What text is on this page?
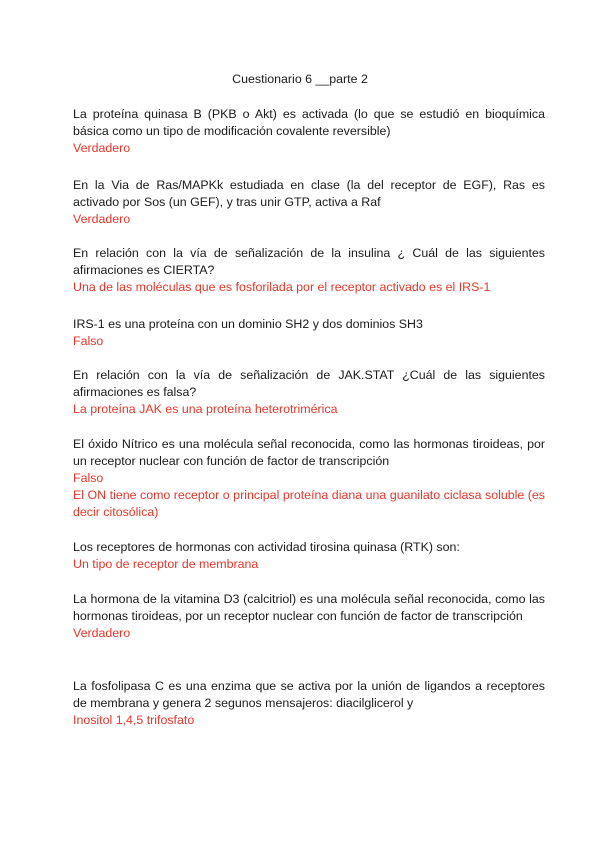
Cuestionario 6 __parte 2
La proteína quinasa B (PKB o Akt) es activada (lo que se estudió en bioquímica básica como un tipo de modificación covalente reversible)
Verdadero
En la Via de Ras/MAPKk estudiada en clase (la del receptor de EGF), Ras es activado por Sos (un GEF), y tras unir GTP, activa a Raf
Verdadero
En relación con la vía de señalización de la insulina ¿ Cuál de las siguientes afirmaciones es CIERTA?
Una de las moléculas que es fosforilada por el receptor activado es el IRS-1
IRS-1 es una proteína con un dominio SH2 y dos dominios SH3
Falso
En relación con la vía de señalización de JAK.STAT ¿Cuál de las siguientes afirmaciones es falsa?
La proteína JAK es una proteína heterotrimérica
El óxido Nítrico es una molécula señal reconocida, como las hormonas tiroideas, por un receptor nuclear con función de factor de transcripción
Falso
El ON tiene como receptor o principal proteína diana una guanilato ciclasa soluble (es decir citosólica)
Los receptores de hormonas con actividad tirosina quinasa (RTK) son:
Un tipo de receptor de membrana
La hormona de la vitamina D3 (calcitriol) es una molécula señal reconocida, como las hormonas tiroideas, por un receptor nuclear con función de factor de transcripción
Verdadero
La fosfolipasa C es una enzima que se activa por la unión de ligandos a receptores de membrana y genera 2 segunos mensajeros: diacilglicerol y
Inositol 1,4,5 trifosfato
